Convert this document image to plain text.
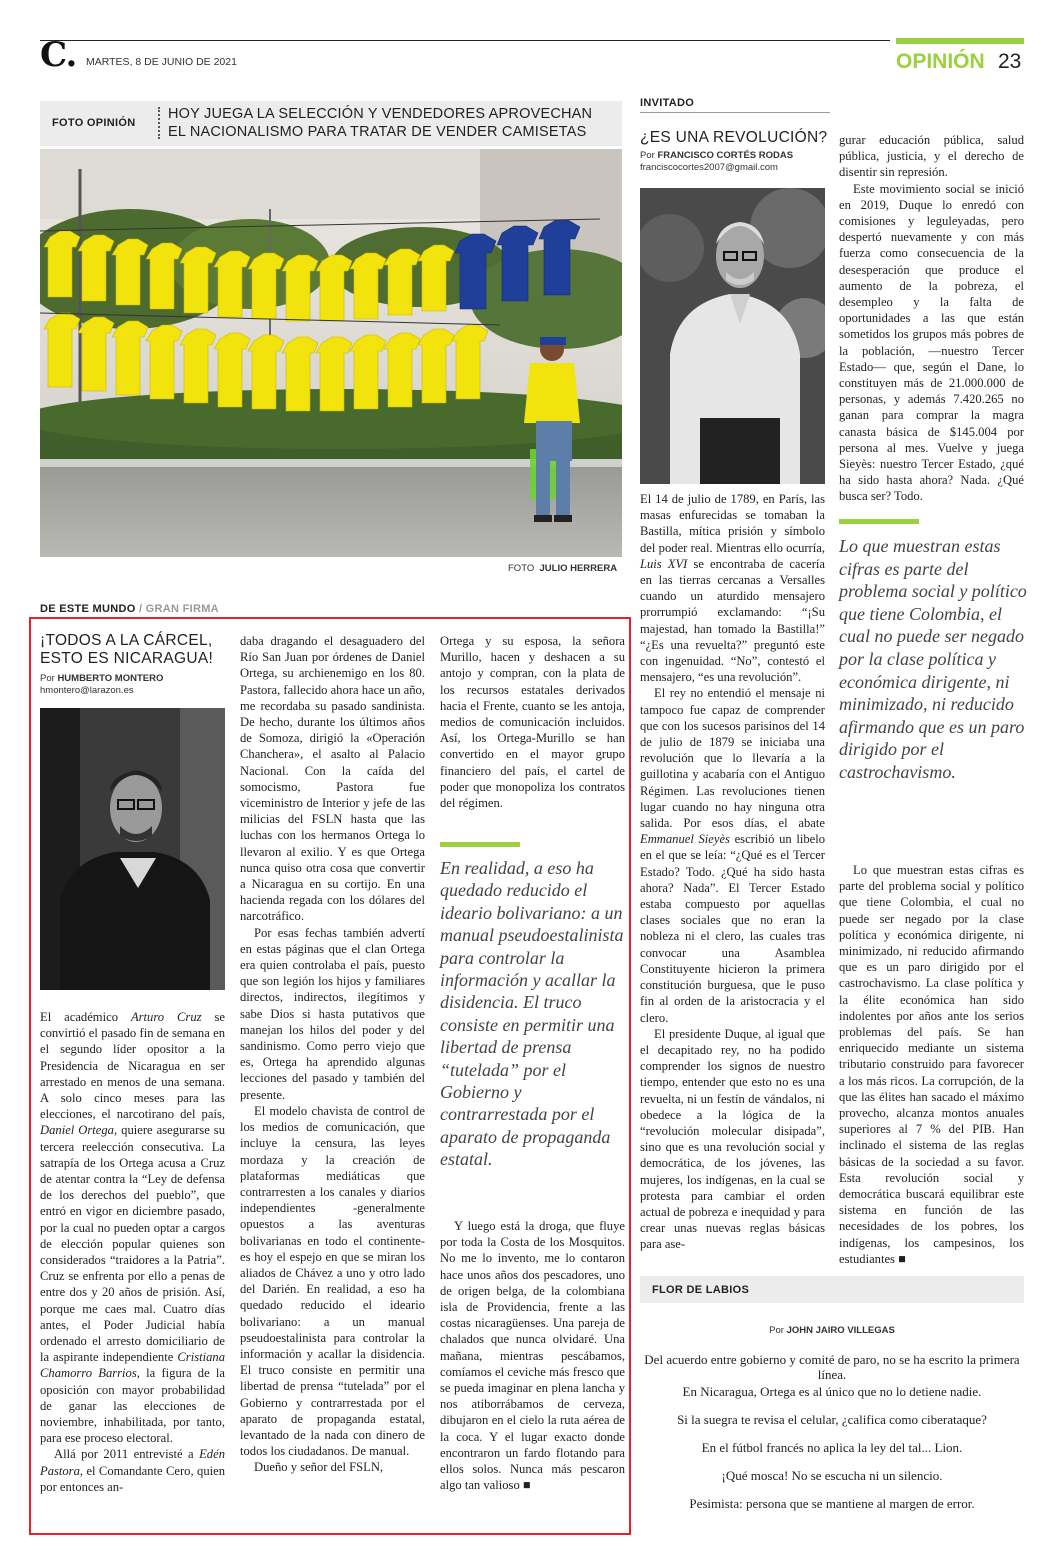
C. MARTES, 8 DE JUNIO DE 2021	OPINIÓN 23
FOTO OPINIÓN
HOY JUEGA LA SELECCIÓN Y VENDEDORES APROVECHAN
EL NACIONALISMO PARA TRATAR DE VENDER CAMISETAS
FOTO JULIO HERRERA
DE ESTE MUNDO / GRAN FIRMA
¡TODOS A LA CÁRCEL,
ESTO ES NICARAGUA!
Por HUMBERTO MONTERO
hmontero@larazon.es

El académico Arturo Cruz se convirtió el pasado fin de semana en el segundo líder opositor a la Presidencia de Nicaragua en ser arrestado en menos de una semana. A solo cinco meses para las elecciones, el narcotirano del país, Daniel Ortega, quiere asegurarse su tercera reelección consecutiva. La satrapía de los Ortega acusa a Cruz de atentar contra la “Ley de defensa de los derechos del pueblo”, que entró en vigor en diciembre pasado, por la cual no pueden optar a cargos de elección popular quienes son considerados “traidores a la Patria”. Cruz se enfrenta por ello a penas de entre dos y 20 años de prisión. Así, porque me caes mal. Cuatro días antes, el Poder Judicial había ordenado el arresto domiciliario de la aspirante independiente Cristiana Chamorro Barrios, la figura de la oposición con mayor probabilidad de ganar las elecciones de noviembre, inhabilitada, por tanto, para ese proceso electoral.

Allá por 2011 entrevisté a Edén Pastora, el Comandante Cero, quien por entonces an-

daba dragando el desaguadero del Río San Juan por órdenes de Daniel Ortega, su archienemigo en los 80. Pastora, fallecido ahora hace un año, me recordaba su pasado sandinista. De hecho, durante los últimos años de Somoza, dirigió la «Operación Chanchera», el asalto al Palacio Nacional. Con la caída del somocismo, Pastora fue viceministro de Interior y jefe de las milicias del FSLN hasta que las luchas con los hermanos Ortega lo llevaron al exilio. Y es que Ortega nunca quiso otra cosa que convertir a Nicaragua en su cortijo. En una hacienda regada con los dólares del narcotráfico.

Por esas fechas también advertí en estas páginas que el clan Ortega era quien controlaba el país, puesto que son legión los hijos y familiares directos, indirectos, ilegítimos y sabe Dios si hasta putativos que manejan los hilos del poder y del sandinismo. Como perro viejo que es, Ortega ha aprendido algunas lecciones del pasado y también del presente.

El modelo chavista de control de los medios de comunicación, que incluye la censura, las leyes mordaza y la creación de plataformas mediáticas que contrarresten a los canales y diarios independientes -generalmente opuestos a las aventuras bolivarianas en todo el continente- es hoy el espejo en que se miran los aliados de Chávez a uno y otro lado del Darién. En realidad, a eso ha quedado reducido el ideario bolivariano: a un manual pseudoestalinista para controlar la información y acallar la disidencia. El truco consiste en permitir una libertad de prensa “tutelada” por el Gobierno y contrarrestada por el aparato de propaganda estatal, levantado de la nada con dinero de todos los ciudadanos. De manual.

Dueño y señor del FSLN,

Ortega y su esposa, la señora Murillo, hacen y deshacen a su antojo y compran, con la plata de los recursos estatales derivados hacia el Frente, cuanto se les antoja, medios de comunicación incluidos. Así, los Ortega-Murillo se han convertido en el mayor grupo financiero del país, el cartel de poder que monopoliza los contratos del régimen.

En realidad, a eso ha quedado reducido el ideario bolivariano: a un manual pseudoestalinista para controlar la información y acallar la disidencia. El truco consiste en permitir una libertad de prensa “tutelada” por el Gobierno y contrarrestada por el aparato de propaganda estatal.

Y luego está la droga, que fluye por toda la Costa de los Mosquitos. No me lo invento, me lo contaron hace unos años dos pescadores, uno de origen belga, de la colombiana isla de Providencia, frente a las costas nicaragüenses. Una pareja de chalados que nunca olvidaré. Una mañana, mientras pescábamos, comíamos el ceviche más fresco que se pueda imaginar en plena lancha y nos atiborrábamos de cerveza, dibujaron en el cielo la ruta aérea de la coca. Y el lugar exacto donde encontraron un fardo flotando para ellos solos. Nunca más pescaron algo tan valioso ■

INVITADO
¿ES UNA REVOLUCIÓN?
Por FRANCISCO CORTÉS RODAS
franciscocortes2007@gmail.com

El 14 de julio de 1789, en París, las masas enfurecidas se tomaban la Bastilla, mítica prisión y símbolo del poder real. Mientras ello ocurría, Luis XVI se encontraba de cacería en las tierras cercanas a Versalles cuando un aturdido mensajero prorrumpió exclamando: “¡Su majestad, han tomado la Bastilla!” “¿Es una revuelta?” preguntó este con ingenuidad. “No”, contestó el mensajero, “es una revolución”.

El rey no entendió el mensaje ni tampoco fue capaz de comprender que con los sucesos parisinos del 14 de julio de 1879 se iniciaba una revolución que lo llevaría a la guillotina y acabaría con el Antiguo Régimen. Las revoluciones tienen lugar cuando no hay ninguna otra salida. Por esos días, el abate Emmanuel Sieyès escribió un libelo en el que se leía: “¿Qué es el Tercer Estado? Todo. ¿Qué ha sido hasta ahora? Nada”. El Tercer Estado estaba compuesto por aquellas clases sociales que no eran la nobleza ni el clero, las cuales tras convocar una Asamblea Constituyente hicieron la primera constitución burguesa, que le puso fin al orden de la aristocracia y el clero.

El presidente Duque, al igual que el decapitado rey, no ha podido comprender los signos de nuestro tiempo, entender que esto no es una revuelta, ni un festín de vándalos, ni obedece a la lógica de la “revolución molecular disipada”, sino que es una revolución social y democrática, de los jóvenes, las mujeres, los indígenas, en la cual se protesta para cambiar el orden actual de pobreza e inequidad y para crear unas nuevas reglas básicas para ase-

gurar educación pública, salud pública, justicia, y el derecho de disentir sin represión.

Este movimiento social se inició en 2019, Duque lo enredó con comisiones y leguleyadas, pero despertó nuevamente y con más fuerza como consecuencia de la desesperación que produce el aumento de la pobreza, el desempleo y la falta de oportunidades a las que están sometidos los grupos más pobres de la población, —nuestro Tercer Estado— que, según el Dane, lo constituyen más de 21.000.000 de personas, y además 7.420.265 no ganan para comprar la magra canasta básica de $145.004 por persona al mes. Vuelve y juega Sieyès: nuestro Tercer Estado, ¿qué ha sido hasta ahora? Nada. ¿Qué busca ser? Todo.

Lo que muestran estas cifras es parte del problema social y político que tiene Colombia, el cual no puede ser negado por la clase política y económica dirigente, ni minimizado, ni reducido afirmando que es un paro dirigido por el castrochavismo.

Lo que muestran estas cifras es parte del problema social y político que tiene Colombia, el cual no puede ser negado por la clase política y económica dirigente, ni minimizado, ni reducido afirmando que es un paro dirigido por el castrochavismo. La clase política y la élite económica han sido indolentes por años ante los serios problemas del país. Se han enriquecido mediante un sistema tributario construido para favorecer a los más ricos. La corrupción, de la que las élites han sacado el máximo provecho, alcanza montos anuales superiores al 7 % del PIB. Han inclinado el sistema de las reglas básicas de la sociedad a su favor. Esta revolución social y democrática buscará equilibrar este sistema en función de las necesidades de los pobres, los indígenas, los campesinos, los estudiantes ■

FLOR DE LABIOS
Por JOHN JAIRO VILLEGAS

Del acuerdo entre gobierno y comité de paro, no se ha escrito la primera línea.

En Nicaragua, Ortega es al único que no lo detiene nadie.

Si la suegra te revisa el celular, ¿califica como ciberataque?

En el fútbol francés no aplica la ley del tal... Lion.

¡Qué mosca! No se escucha ni un silencio.

Pesimista: persona que se mantiene al margen de error.
